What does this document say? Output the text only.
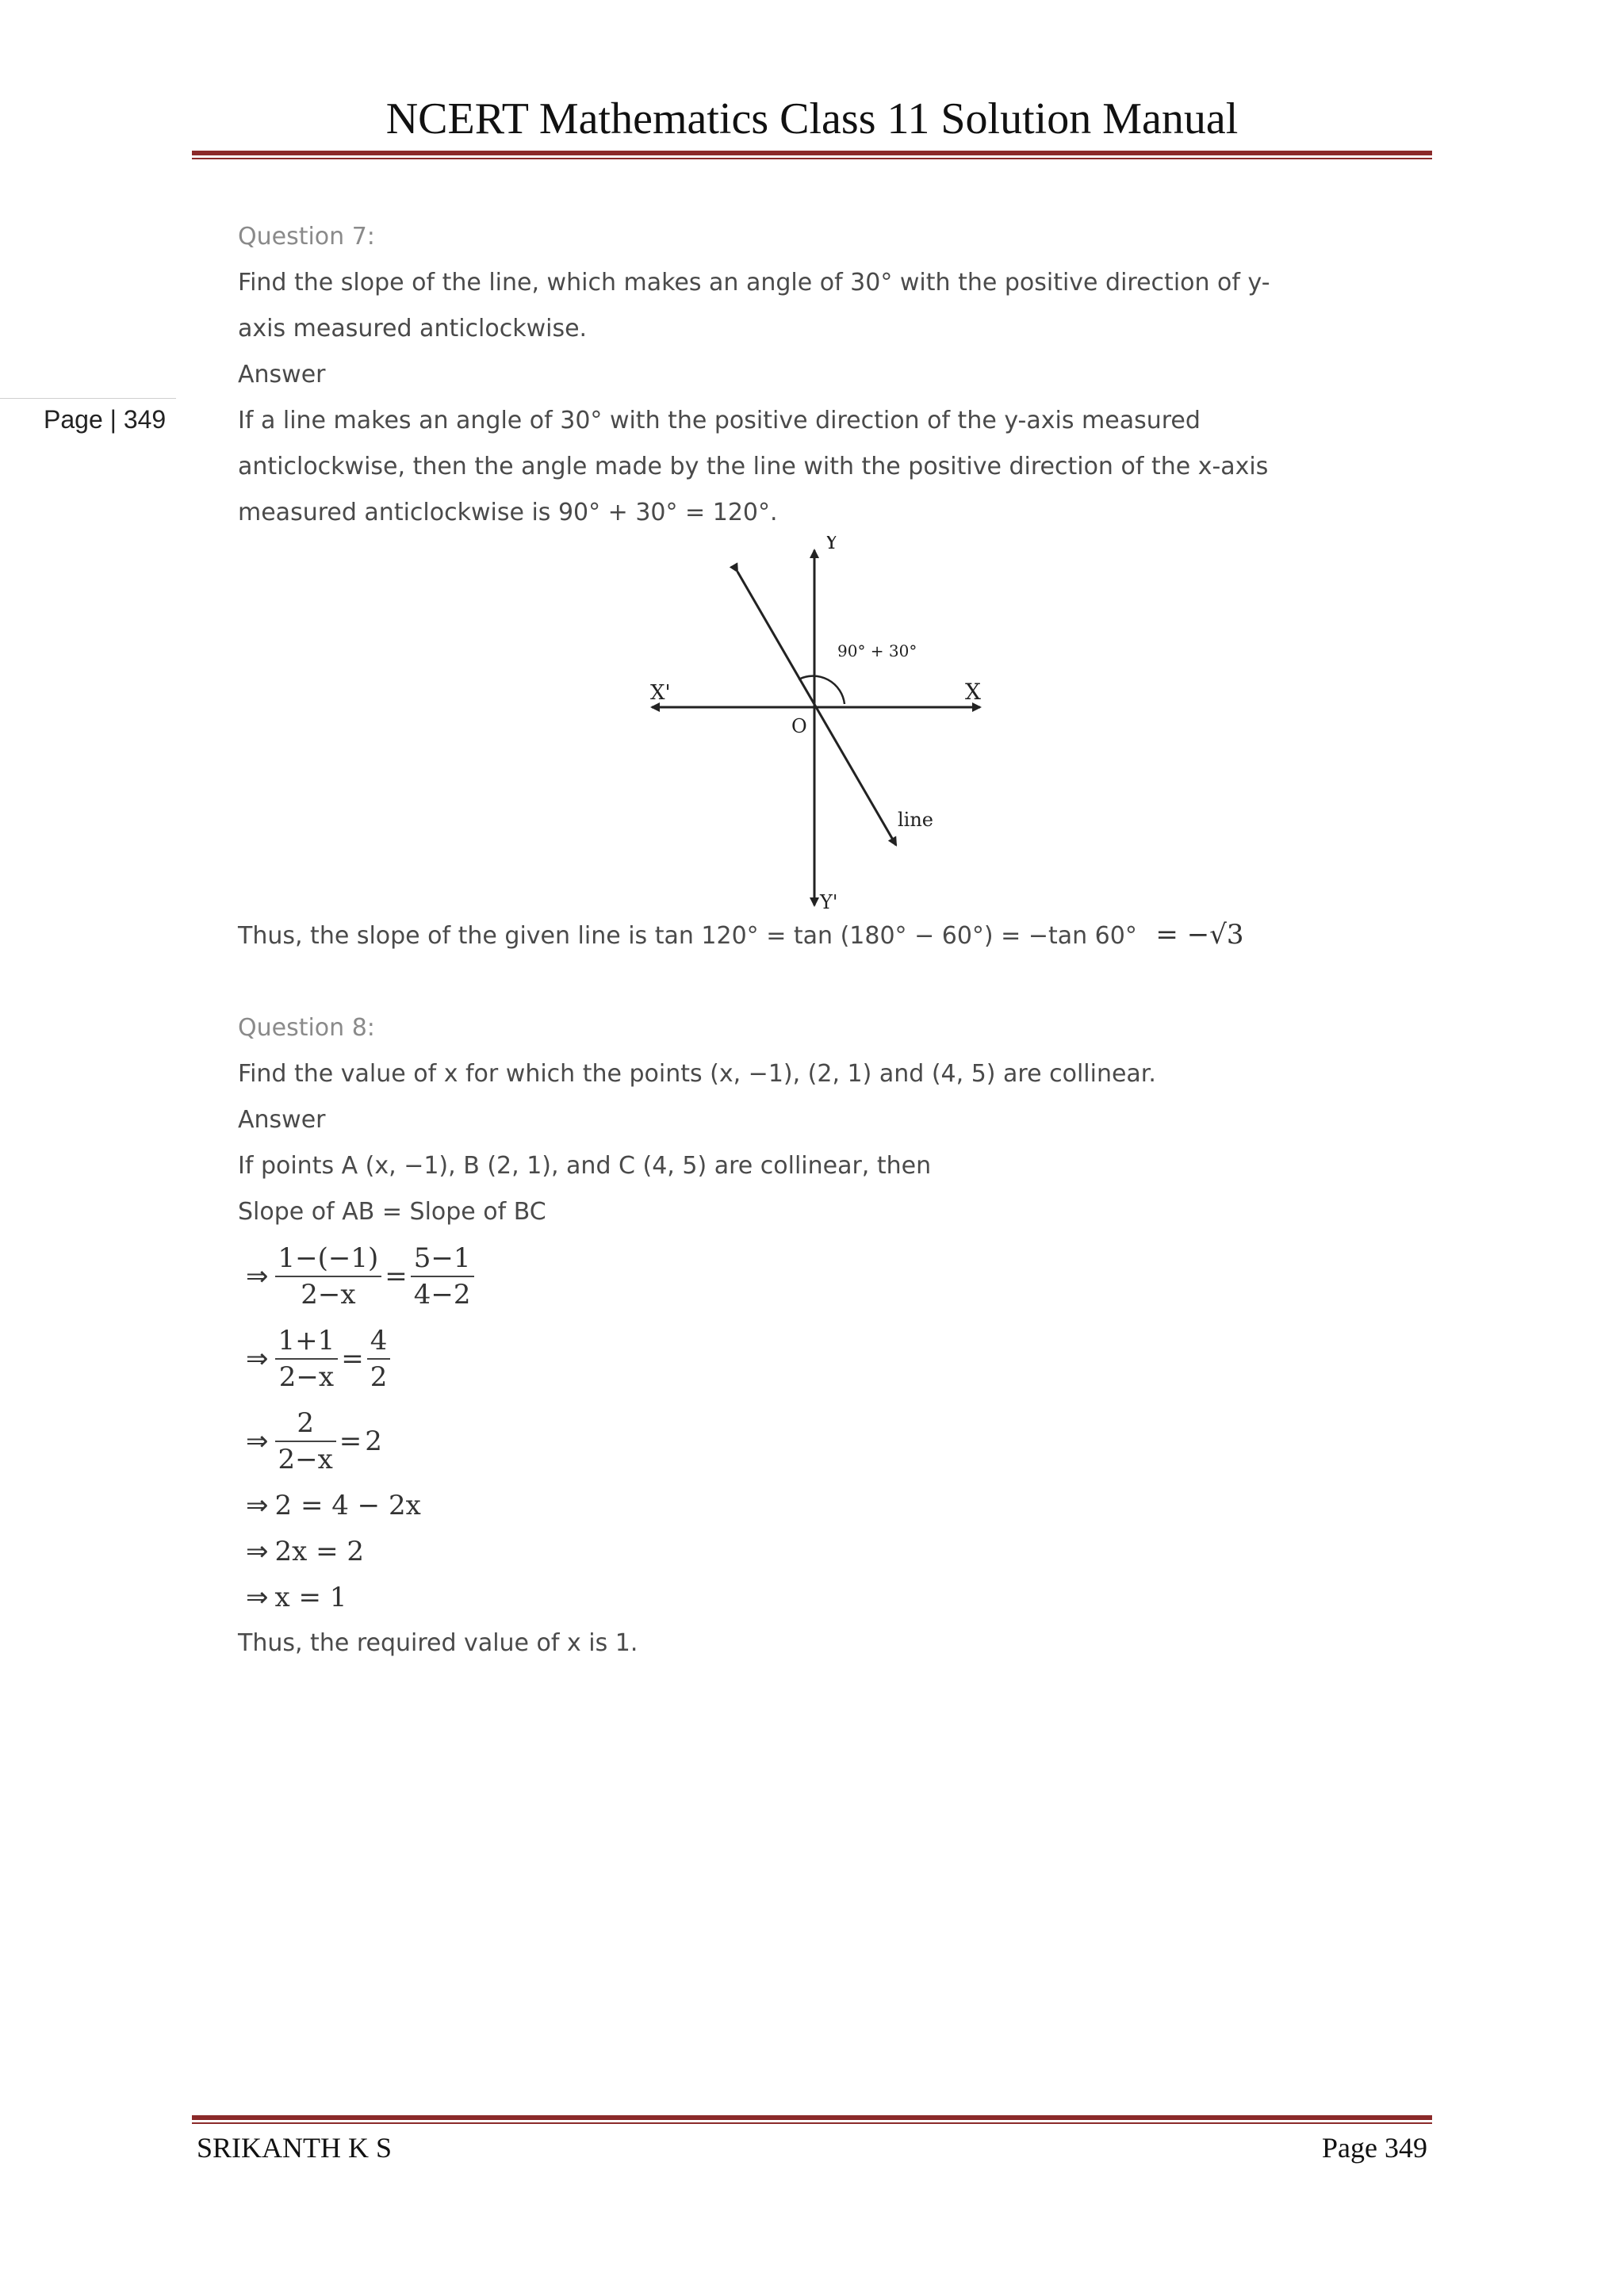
NCERT Mathematics Class 11 Solution Manual
Page | 349
Question 7:
Find the slope of the line, which makes an angle of 30° with the positive direction of y-
axis measured anticlockwise.
Answer
If a line makes an angle of 30° with the positive direction of the y-axis measured
anticlockwise, then the angle made by the line with the positive direction of the x-axis
measured anticlockwise is 90° + 30° = 120°.
Y
Y'
X
X'
O
90° + 30°
line
Thus, the slope of the given line is tan 120° = tan (180° − 60°) = −tan 60° = −√3
Question 8:
Find the value of x for which the points (x, −1), (2, 1) and (4, 5) are collinear.
Answer
If points A (x, −1), B (2, 1), and C (4, 5) are collinear, then
Slope of AB = Slope of BC
⇒ $\frac{1-(-1)}{2-x} = \frac{5-1}{4-2}$
⇒ $\frac{1+1}{2-x} = \frac{4}{2}$
⇒ $\frac{2}{2-x} = 2$
⇒ 2 = 4 − 2x
⇒ 2x = 2
⇒ x = 1
Thus, the required value of x is 1.
SRIKANTH K S	Page 349
